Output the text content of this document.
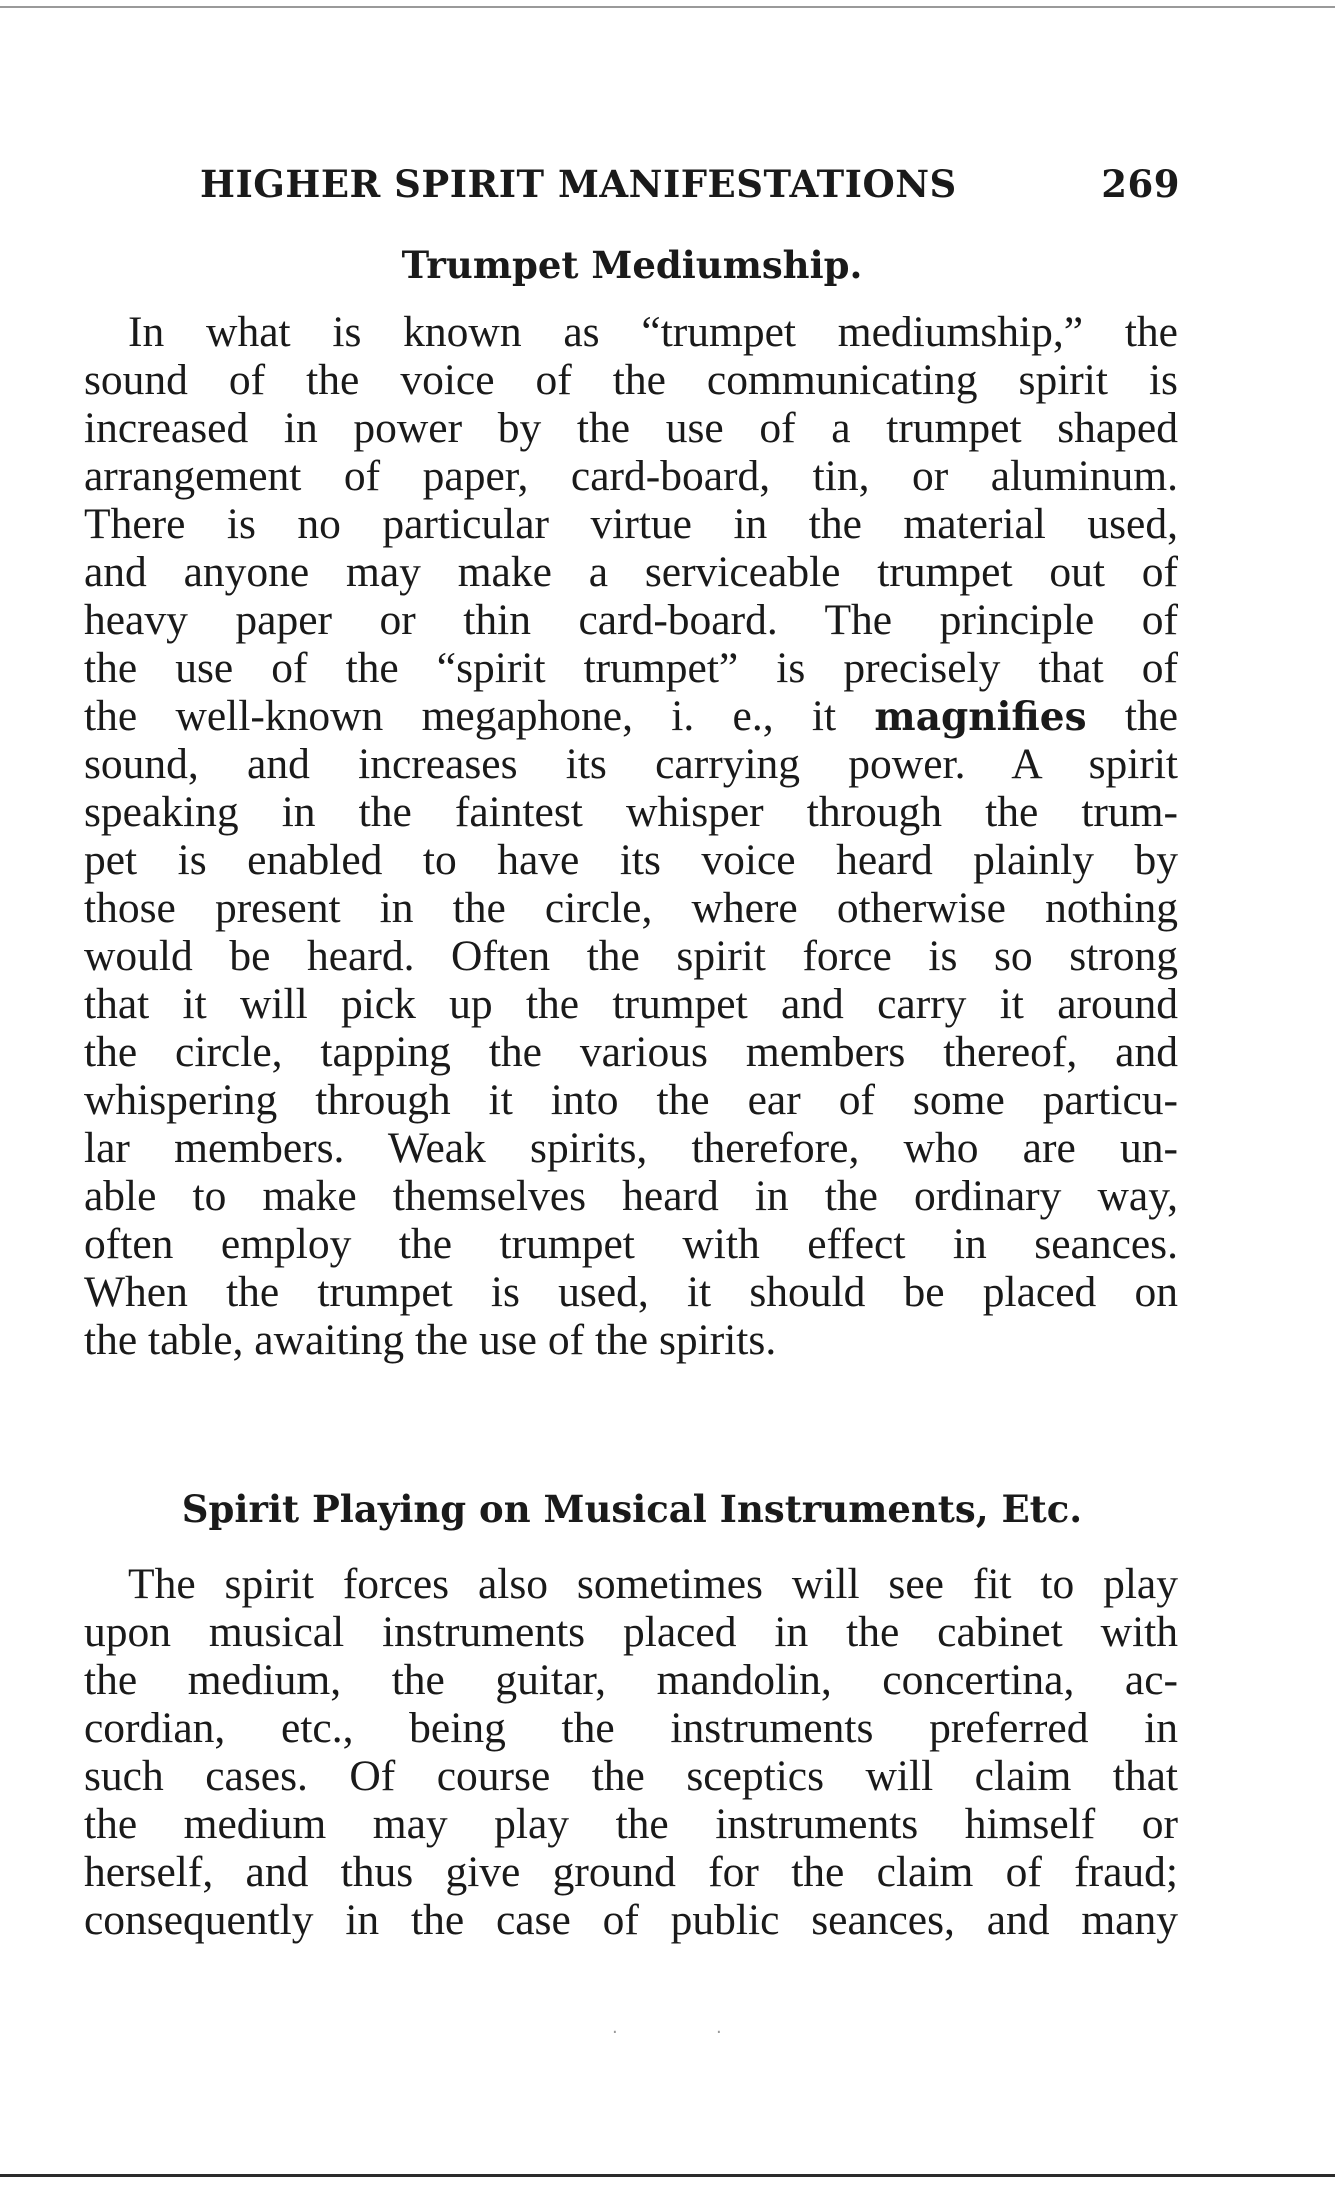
HIGHER SPIRIT MANIFESTATIONS	269
Trumpet Mediumship.
In what is known as “trumpet mediumship,” the
sound of the voice of the communicating spirit is
increased in power by the use of a trumpet shaped
arrangement of paper, card-board, tin, or aluminum.
There is no particular virtue in the material used,
and anyone may make a serviceable trumpet out of
heavy paper or thin card-board. The principle of
the use of the “spirit trumpet” is precisely that of
the well-known megaphone, i. e., it magnifies the
sound, and increases its carrying power. A spirit
speaking in the faintest whisper through the trum-
pet is enabled to have its voice heard plainly by
those present in the circle, where otherwise nothing
would be heard. Often the spirit force is so strong
that it will pick up the trumpet and carry it around
the circle, tapping the various members thereof, and
whispering through it into the ear of some particu-
lar members. Weak spirits, therefore, who are un-
able to make themselves heard in the ordinary way,
often employ the trumpet with effect in seances.
When the trumpet is used, it should be placed on
the table, awaiting the use of the spirits.
Spirit Playing on Musical Instruments, Etc.
The spirit forces also sometimes will see fit to play
upon musical instruments placed in the cabinet with
the medium, the guitar, mandolin, concertina, ac-
cordian, etc., being the instruments preferred in
such cases. Of course the sceptics will claim that
the medium may play the instruments himself or
herself, and thus give ground for the claim of fraud;
consequently in the case of public seances, and many
·	·
